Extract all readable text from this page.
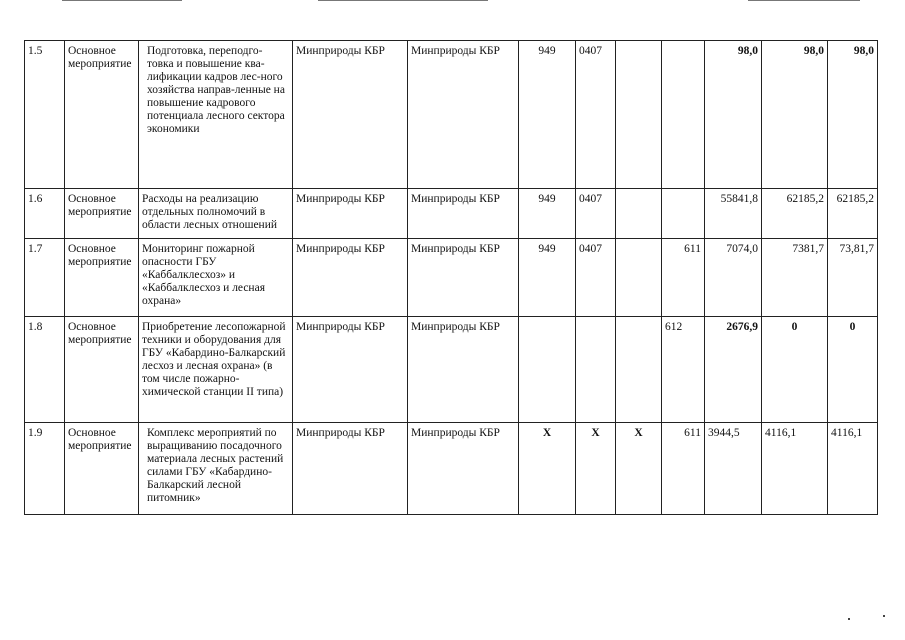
1.5	Основное мероприятие	Подготовка, переподго-товка и повышение ква-лификации кадров лес-ного хозяйства направ-ленные на повышение кадрового потенциала лесного сектора экономики	Минприроды КБР	Минприроды КБР	949	0407			98,0	98,0	98,0
1.6	Основное мероприятие	Расходы на реализацию отдельных полномочий в области лесных отношений	Минприроды КБР	Минприроды КБР	949	0407			55841,8	62185,2	62185,2
1.7	Основное мероприятие	Мониторинг пожарной опасности ГБУ «Каббалклесхоз» и «Каббалклесхоз и лесная охрана»	Минприроды КБР	Минприроды КБР	949	0407		611	7074,0	7381,7	73,81,7
1.8	Основное мероприятие	Приобретение лесопожарной техники и оборудования для ГБУ «Кабардино-Балкарский лесхоз и лесная охрана» (в том числе пожарно-химической станции II типа)	Минприроды КБР	Минприроды КБР				612	2676,9	0	0
1.9	Основное мероприятие	Комплекс мероприятий по выращиванию посадочного материала лесных растений силами ГБУ «Кабардино-Балкарский лесной питомник»	Минприроды КБР	Минприроды КБР	Х	Х	Х	611	3944,5	4116,1	4116,1
